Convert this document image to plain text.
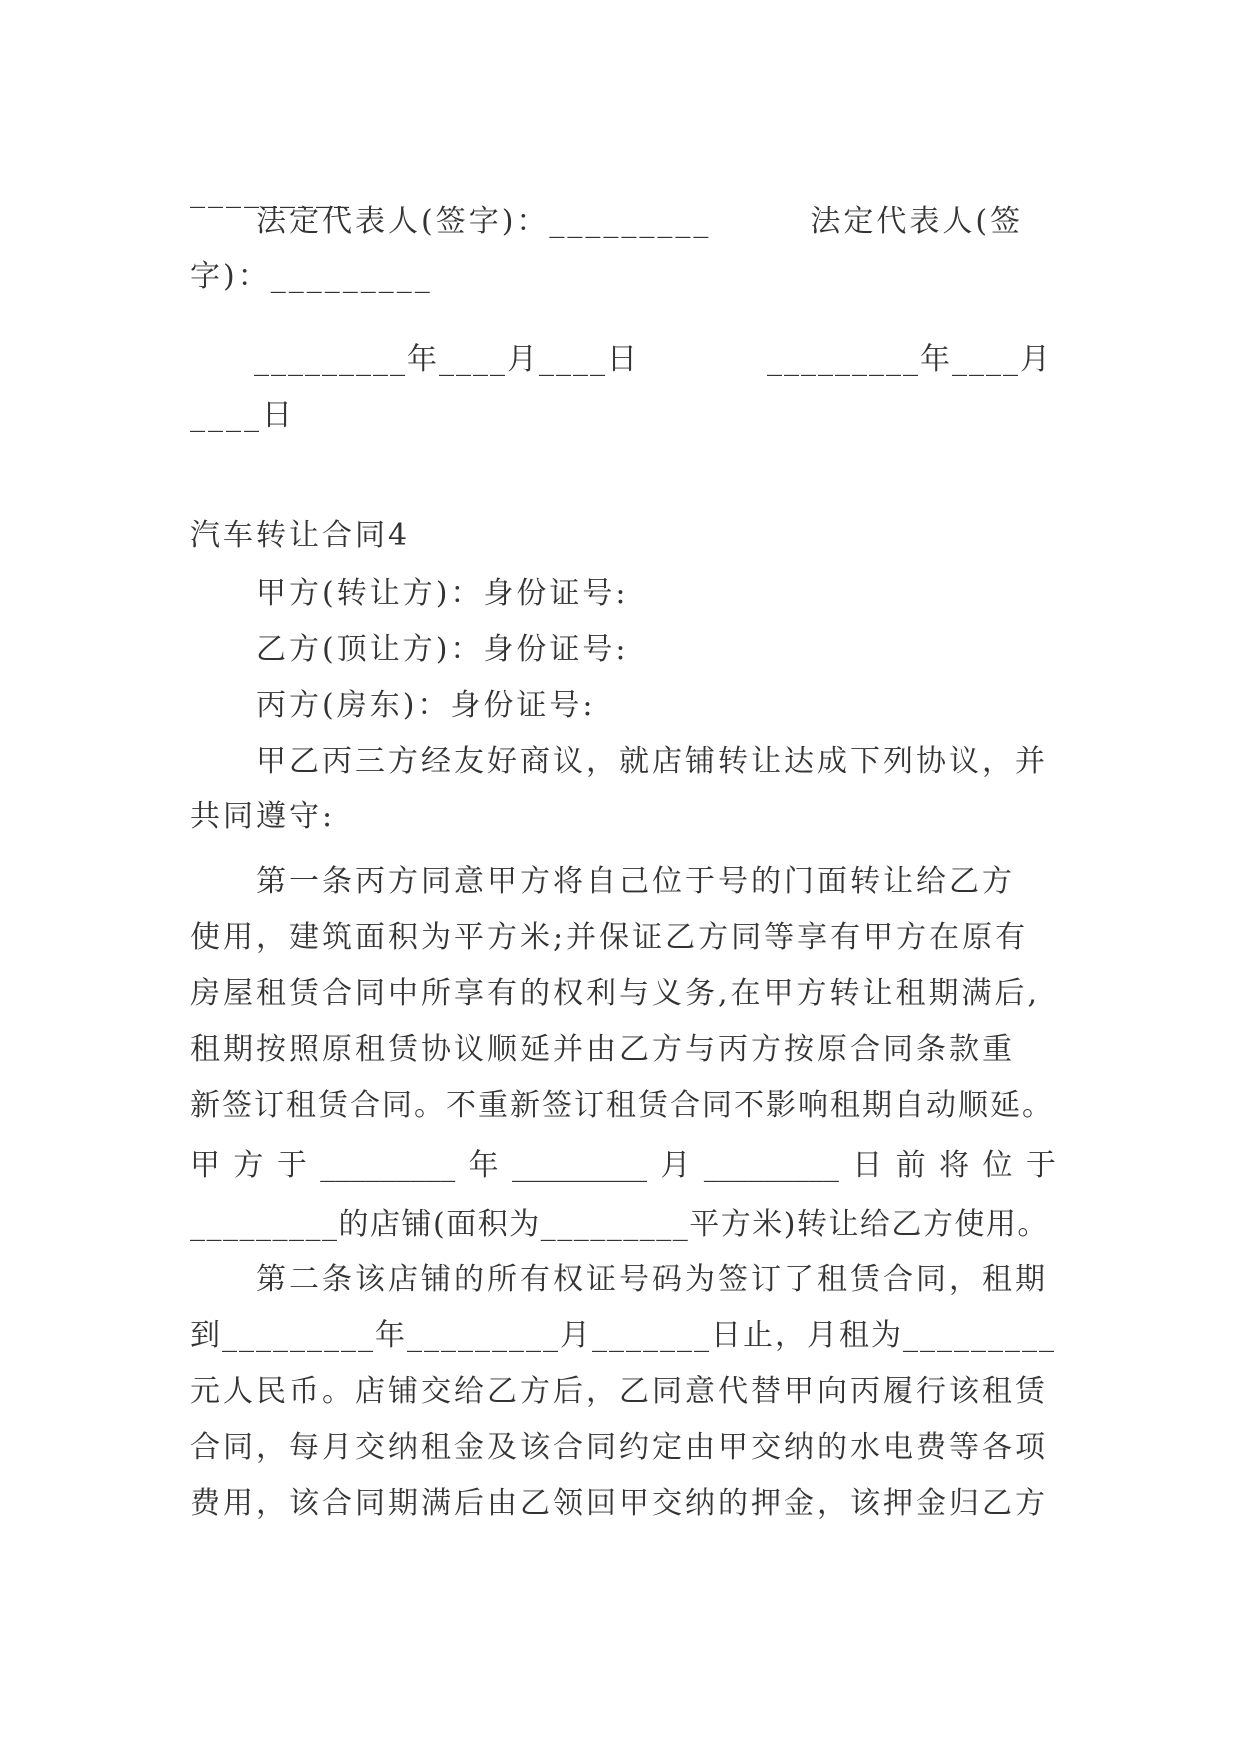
_________
　　法定代表人(签字)：_________　　　法定代表人(签
字)：_________
　　_________年____月____日　　　　_________年____月
____日
汽车转让合同4
　　甲方(转让方)：身份证号:
　　乙方(顶让方)：身份证号:
　　丙方(房东)：身份证号:
　　甲乙丙三方经友好商议，就店铺转让达成下列协议，并
共同遵守:
　　第一条丙方同意甲方将自己位于号的门面转让给乙方
使用，建筑面积为平方米;并保证乙方同等享有甲方在原有
房屋租赁合同中所享有的权利与义务,在甲方转让租期满后,
租期按照原租赁协议顺延并由乙方与丙方按原合同条款重
新签订租赁合同。不重新签订租赁合同不影响租期自动顺延。
甲 方 于 _________ 年 _________ 月 _________ 日 前 将 位 于
_________的店铺(面积为_________平方米)转让给乙方使用。
　　第二条该店铺的所有权证号码为签订了租赁合同，租期
到_________年_________月_______日止，月租为_________
元人民币。店铺交给乙方后，乙同意代替甲向丙履行该租赁
合同，每月交纳租金及该合同约定由甲交纳的水电费等各项
费用，该合同期满后由乙领回甲交纳的押金，该押金归乙方
